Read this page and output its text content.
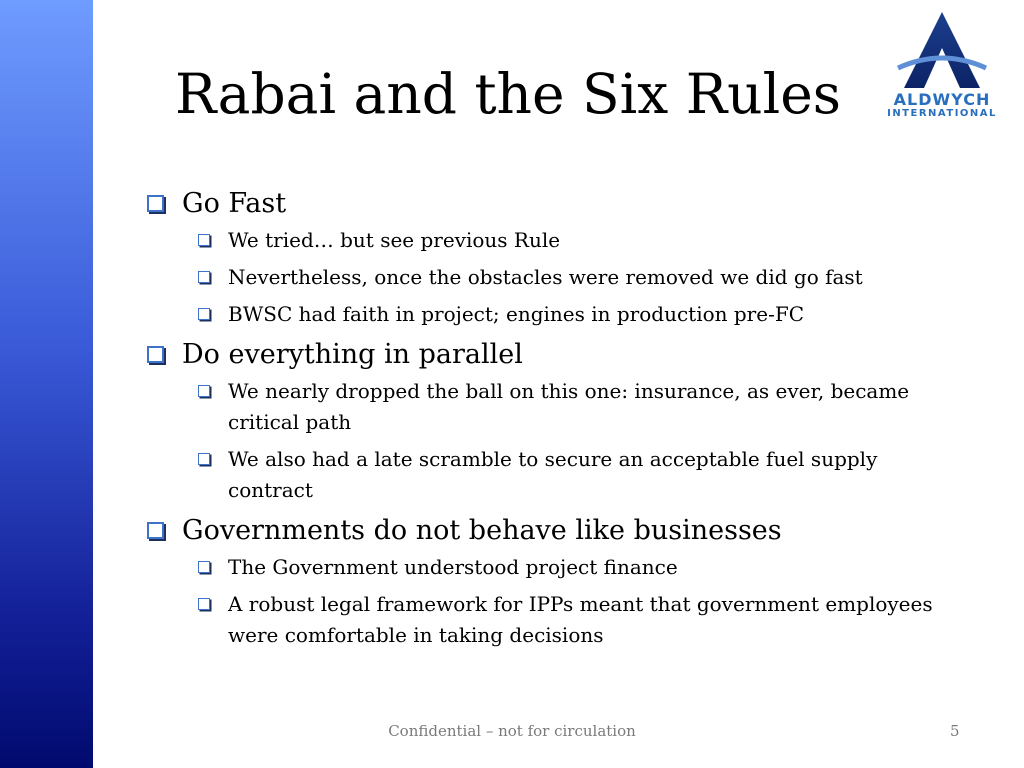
Rabai and the Six Rules	ALDWYCH
INTERNATIONAL
Go Fast
We tried… but see previous Rule
Nevertheless, once the obstacles were removed we did go fast
BWSC had faith in project; engines in production pre-FC
Do everything in parallel
We nearly dropped the ball on this one: insurance, as ever, became critical path
We also had a late scramble to secure an acceptable fuel supply contract
Governments do not behave like businesses
The Government understood project finance
A robust legal framework for IPPs meant that government employees were comfortable in taking decisions
Confidential – not for circulation	5
